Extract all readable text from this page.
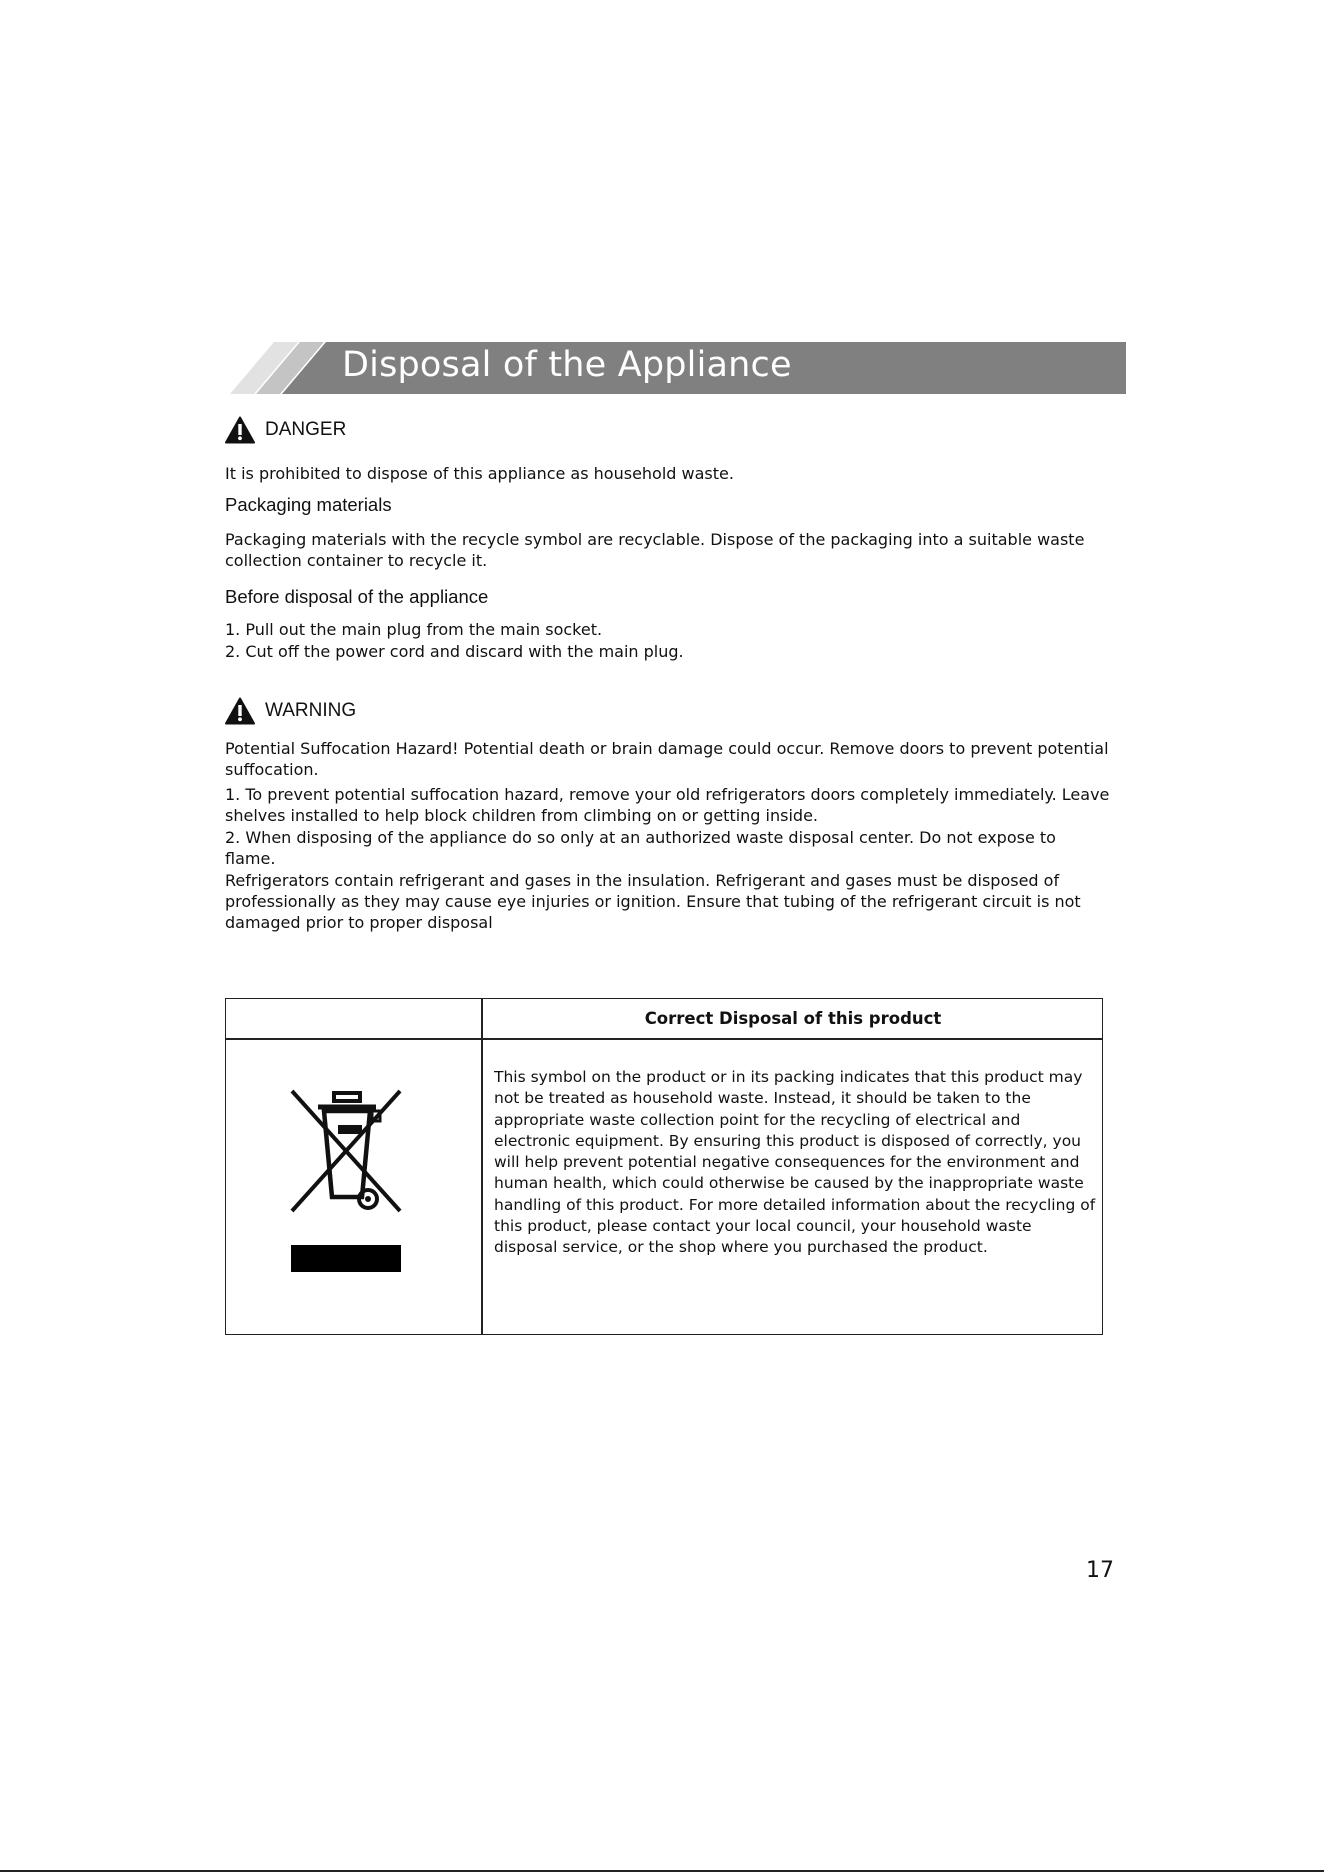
Disposal of the Appliance
DANGER
It is prohibited to dispose of this appliance as household waste.
Packaging materials
Packaging materials with the recycle symbol are recyclable. Dispose of the packaging into a suitable waste collection container to recycle it.
Before disposal of the appliance
1. Pull out the main plug from the main socket.
2. Cut off the power cord and discard with the main plug.
WARNING
Potential Suffocation Hazard! Potential death or brain damage could occur. Remove doors to prevent potential suffocation.
1. To prevent potential suffocation hazard, remove your old refrigerators doors completely immediately. Leave shelves installed to help block children from climbing on or getting inside.
2. When disposing of the appliance do so only at an authorized waste disposal center. Do not expose to flame.
Refrigerators contain refrigerant and gases in the insulation. Refrigerant and gases must be disposed of professionally as they may cause eye injuries or ignition. Ensure that tubing of the refrigerant circuit is not damaged prior to proper disposal
Correct Disposal of this product
This symbol on the product or in its packing indicates that this product may not be treated as household waste. Instead, it should be taken to the appropriate waste collection point for the recycling of electrical and electronic equipment. By ensuring this product is disposed of correctly, you will help prevent potential negative consequences for the environment and human health, which could otherwise be caused by the inappropriate waste handling of this product. For more detailed information about the recycling of this product, please contact your local council, your household waste disposal service, or the shop where you purchased the product.
17
